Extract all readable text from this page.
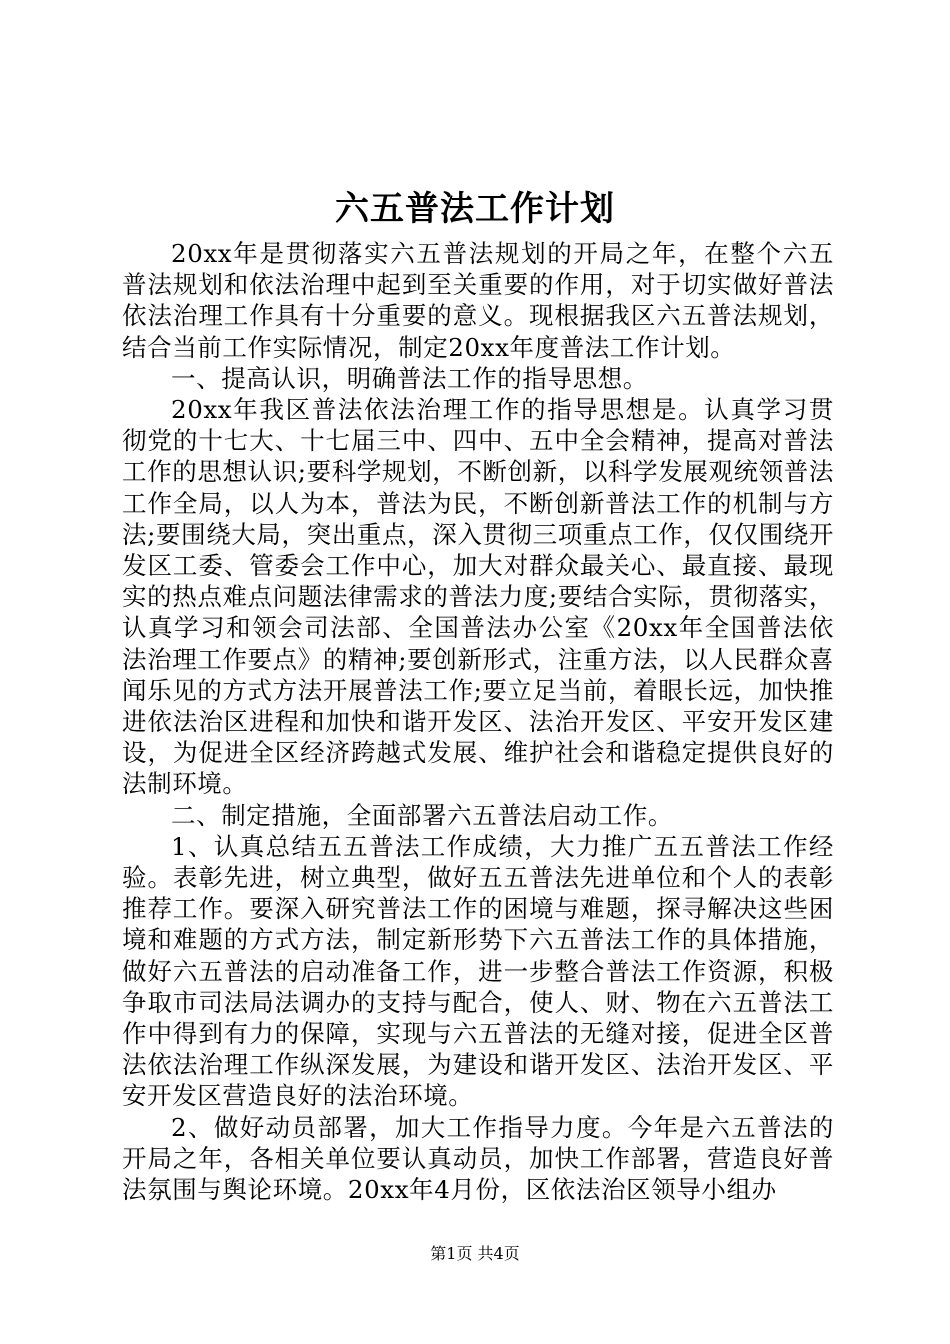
六五普法工作计划

20xx年是贯彻落实六五普法规划的开局之年，在整个六五普法规划和依法治理中起到至关重要的作用，对于切实做好普法依法治理工作具有十分重要的意义。现根据我区六五普法规划，结合当前工作实际情况，制定20xx年度普法工作计划。

一、提高认识，明确普法工作的指导思想。

20xx年我区普法依法治理工作的指导思想是。认真学习贯彻党的十七大、十七届三中、四中、五中全会精神，提高对普法工作的思想认识;要科学规划，不断创新，以科学发展观统领普法工作全局，以人为本，普法为民，不断创新普法工作的机制与方法;要围绕大局，突出重点，深入贯彻三项重点工作，仅仅围绕开发区工委、管委会工作中心，加大对群众最关心、最直接、最现实的热点难点问题法律需求的普法力度;要结合实际，贯彻落实，认真学习和领会司法部、全国普法办公室《20xx年全国普法依法治理工作要点》的精神;要创新形式，注重方法，以人民群众喜闻乐见的方式方法开展普法工作;要立足当前，着眼长远，加快推进依法治区进程和加快和谐开发区、法治开发区、平安开发区建设，为促进全区经济跨越式发展、维护社会和谐稳定提供良好的法制环境。

二、制定措施，全面部署六五普法启动工作。

1、认真总结五五普法工作成绩，大力推广五五普法工作经验。表彰先进，树立典型，做好五五普法先进单位和个人的表彰推荐工作。要深入研究普法工作的困境与难题，探寻解决这些困境和难题的方式方法，制定新形势下六五普法工作的具体措施，做好六五普法的启动准备工作，进一步整合普法工作资源，积极争取市司法局法调办的支持与配合，使人、财、物在六五普法工作中得到有力的保障，实现与六五普法的无缝对接，促进全区普法依法治理工作纵深发展，为建设和谐开发区、法治开发区、平安开发区营造良好的法治环境。

2、做好动员部署，加大工作指导力度。今年是六五普法的开局之年，各相关单位要认真动员，加快工作部署，营造良好普法氛围与舆论环境。20xx年4月份，区依法治区领导小组办

第1页 共4页
